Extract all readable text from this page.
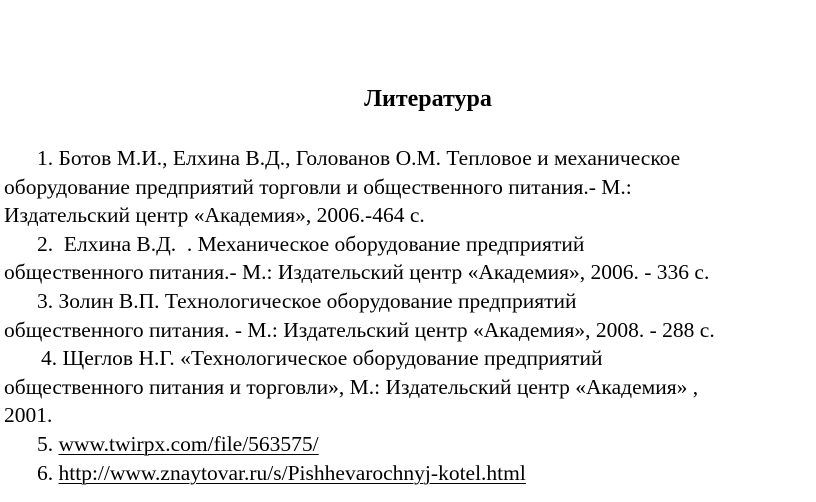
Литература
1. Ботов М.И., Елхина В.Д., Голованов О.М. Тепловое и механическое
оборудование предприятий торговли и общественного питания.- М.:
Издательский центр «Академия», 2006.-464 с.
2.  Елхина В.Д.  . Механическое оборудование предприятий
общественного питания.- М.: Издательский центр «Академия», 2006. - 336 с.
3. Золин В.П. Технологическое оборудование предприятий
общественного питания. - М.: Издательский центр «Академия», 2008. - 288 с.
4. Щеглов Н.Г. «Технологическое оборудование предприятий
общественного питания и торговли», М.: Издательский центр «Академия» ,
2001.
5. www.twirpx.com/file/563575/
6. http://www.znaytovar.ru/s/Pishhevarochnyj-kotel.html
